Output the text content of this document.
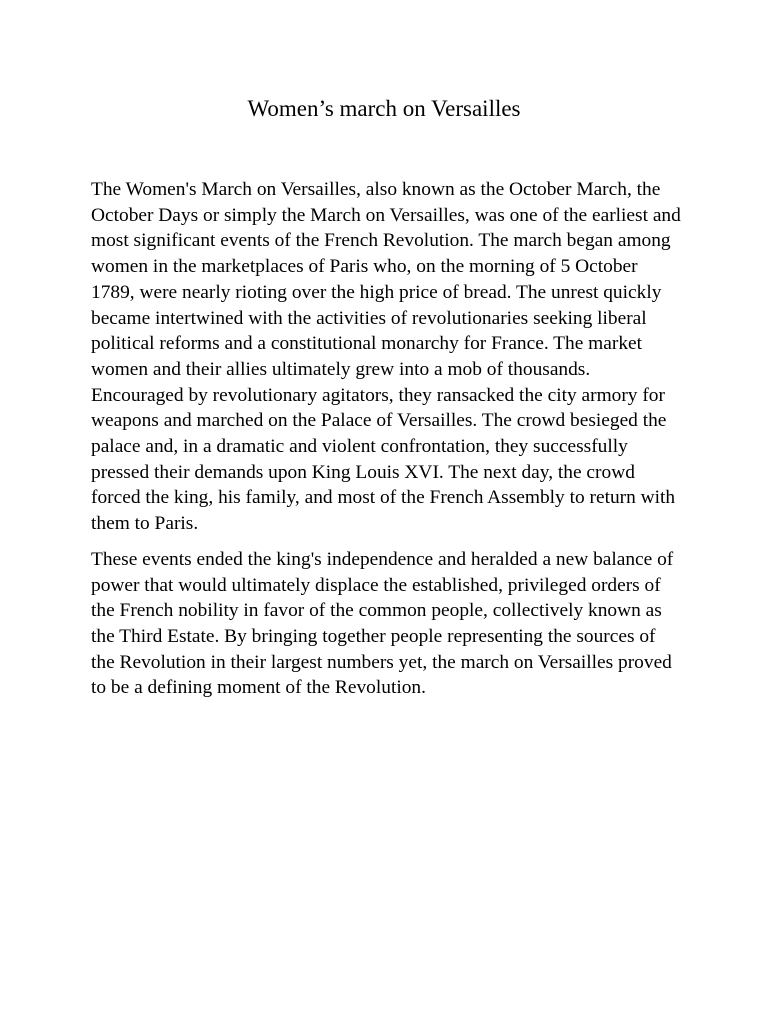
Women’s march on Versailles

The Women's March on Versailles, also known as the October March, the October Days or simply the March on Versailles, was one of the earliest and most significant events of the French Revolution. The march began among women in the marketplaces of Paris who, on the morning of 5 October 1789, were nearly rioting over the high price of bread. The unrest quickly became intertwined with the activities of revolutionaries seeking liberal political reforms and a constitutional monarchy for France. The market women and their allies ultimately grew into a mob of thousands. Encouraged by revolutionary agitators, they ransacked the city armory for weapons and marched on the Palace of Versailles. The crowd besieged the palace and, in a dramatic and violent confrontation, they successfully pressed their demands upon King Louis XVI. The next day, the crowd forced the king, his family, and most of the French Assembly to return with them to Paris.

These events ended the king's independence and heralded a new balance of power that would ultimately displace the established, privileged orders of the French nobility in favor of the common people, collectively known as the Third Estate. By bringing together people representing the sources of the Revolution in their largest numbers yet, the march on Versailles proved to be a defining moment of the Revolution.
